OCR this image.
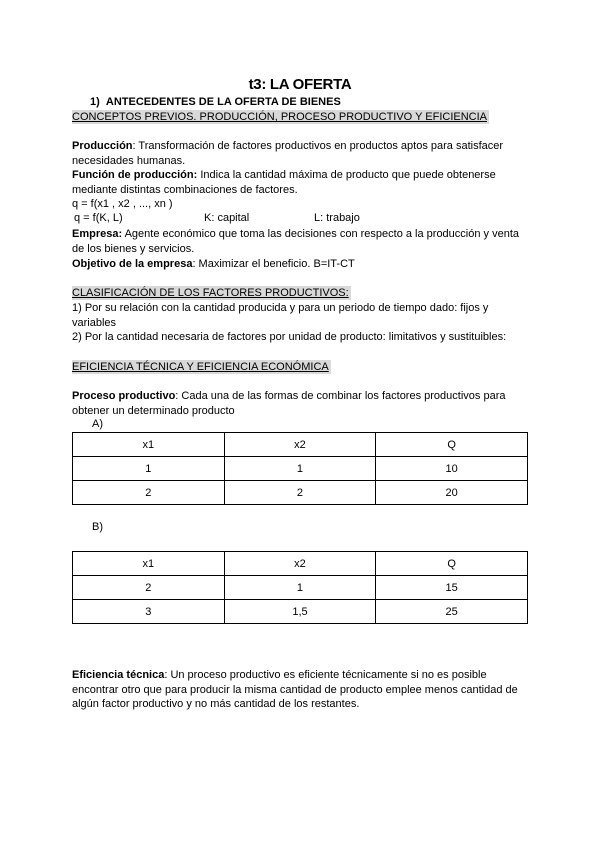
t3: LA OFERTA
1)  ANTECEDENTES DE LA OFERTA DE BIENES
CONCEPTOS PREVIOS. PRODUCCIÓN, PROCESO PRODUCTIVO Y EFICIENCIA
Producción: Transformación de factores productivos en productos aptos para satisfacer necesidades humanas.
Función de producción: Indica la cantidad máxima de producto que puede obtenerse mediante distintas combinaciones de factores.
q = f(x1 , x2 , ..., xn )
q = f(K, L)	K: capital	L: trabajo
Empresa: Agente económico que toma las decisiones con respecto a la producción y venta de los bienes y servicios.
Objetivo de la empresa: Maximizar el beneficio. B=IT-CT
CLASIFICACIÓN DE LOS FACTORES PRODUCTIVOS:
1) Por su relación con la cantidad producida y para un periodo de tiempo dado: fijos y variables
2) Por la cantidad necesaria de factores por unidad de producto: limitativos y sustituibles:
EFICIENCIA TÉCNICA Y EFICIENCIA ECONÓMICA
Proceso productivo: Cada una de las formas de combinar los factores productivos para obtener un determinado producto
A)
x1	x2	Q
1	1	10
2	2	20
B)
x1	x2	Q
2	1	15
3	1,5	25
Eficiencia técnica: Un proceso productivo es eficiente técnicamente si no es posible encontrar otro que para producir la misma cantidad de producto emplee menos cantidad de algún factor productivo y no más cantidad de los restantes.
